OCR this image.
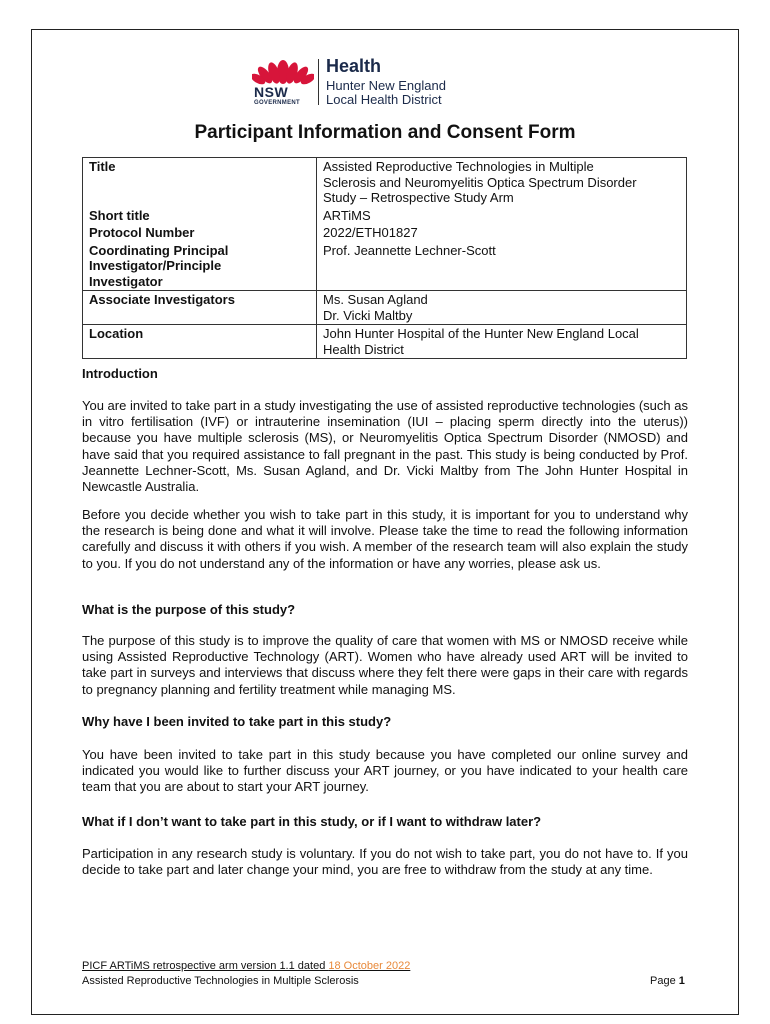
NSW
GOVERNMENT
Health
Hunter New England
Local Health District
Participant Information and Consent Form
Title	Assisted Reproductive Technologies in Multiple
Sclerosis and Neuromyelitis Optica Spectrum Disorder
Study – Retrospective Study Arm

Short title	ARTiMS
Protocol Number	2022/ETH01827

Coordinating Principal
Investigator/Principle
Investigator	Prof. Jeannette Lechner-Scott
Associate Investigators	Ms. Susan Agland
Dr. Vicki Maltby

Location	John Hunter Hospital of the Hunter New England Local
Health District
Introduction
You are invited to take part in a study investigating the use of assisted reproductive technologies (such as in vitro fertilisation (IVF) or intrauterine insemination (IUI – placing sperm directly into the uterus)) because you have multiple sclerosis (MS), or Neuromyelitis Optica Spectrum Disorder (NMOSD) and have said that you required assistance to fall pregnant in the past. This study is being conducted by Prof. Jeannette Lechner-Scott, Ms. Susan Agland, and Dr. Vicki Maltby from The John Hunter Hospital in Newcastle Australia.
Before you decide whether you wish to take part in this study, it is important for you to understand why the research is being done and what it will involve. Please take the time to read the following information carefully and discuss it with others if you wish. A member of the research team will also explain the study to you. If you do not understand any of the information or have any worries, please ask us.
What is the purpose of this study?
The purpose of this study is to improve the quality of care that women with MS or NMOSD receive while using Assisted Reproductive Technology (ART). Women who have already used ART will be invited to take part in surveys and interviews that discuss where they felt there were gaps in their care with regards to pregnancy planning and fertility treatment while managing MS.
Why have I been invited to take part in this study?
You have been invited to take part in this study because you have completed our online survey and indicated you would like to further discuss your ART journey, or you have indicated to your health care team that you are about to start your ART journey.
What if I don’t want to take part in this study, or if I want to withdraw later?
Participation in any research study is voluntary. If you do not wish to take part, you do not have to. If you decide to take part and later change your mind, you are free to withdraw from the study at any time.
PICF ARTiMS retrospective arm version 1.1 dated 18 October 2022
Assisted Reproductive Technologies in Multiple Sclerosis	Page 1
